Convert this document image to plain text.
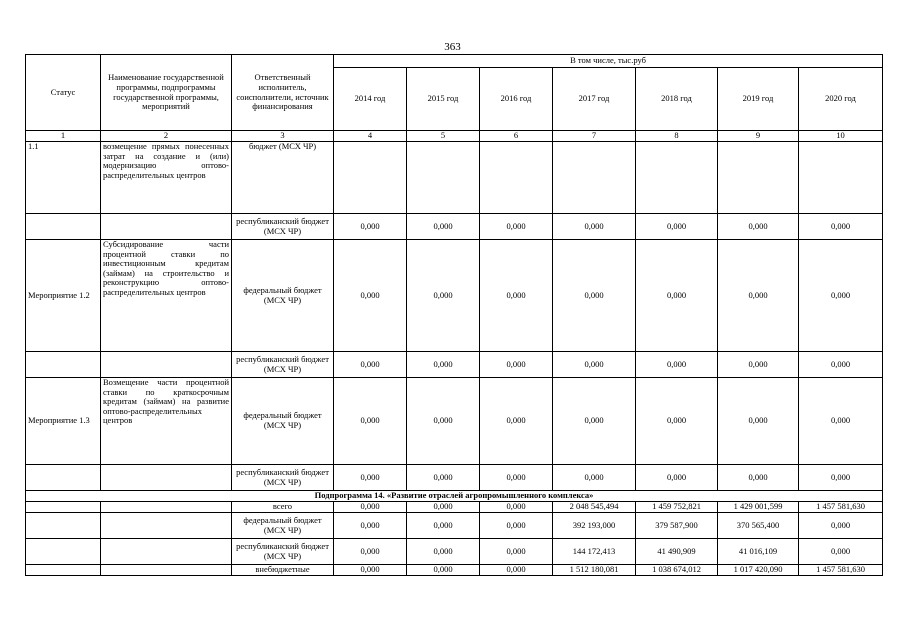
363
Статус	Наименование государственной программы, подпрограммы государственной программы, мероприятий	Ответственный исполнитель, соисполнители, источник финансирования	В том числе, тыс.руб						
			2014 год	2015 год	2016 год	2017 год	2018 год	2019 год	2020 год
1	2	3	4	5	6	7	8	9	10
1.1	возмещение прямых понесенных затрат на создание и (или) модернизацию оптово-распределительных центров	бюджет (МСХ ЧР)							
		республиканский бюджет (МСХ ЧР)	0,000	0,000	0,000	0,000	0,000	0,000	0,000
Мероприятие 1.2	Субсидирование части процентной ставки по инвестиционным кредитам (займам) на строительство и реконструкцию оптово-распределительных центров	федеральный бюджет (МСХ ЧР)	0,000	0,000	0,000	0,000	0,000	0,000	0,000
		республиканский бюджет (МСХ ЧР)	0,000	0,000	0,000	0,000	0,000	0,000	0,000
Мероприятие 1.3	Возмещение части процентной ставки по краткосрочным кредитам (займам) на развитие оптово-распределительных центров	федеральный бюджет (МСХ ЧР)	0,000	0,000	0,000	0,000	0,000	0,000	0,000
		республиканский бюджет (МСХ ЧР)	0,000	0,000	0,000	0,000	0,000	0,000	0,000
Подпрограмма 14. «Развитие отраслей агропромышленного комплекса»									
		всего	0,000	0,000	0,000	2 048 545,494	1 459 752,821	1 429 001,599	1 457 581,630
		федеральный бюджет (МСХ ЧР)	0,000	0,000	0,000	392 193,000	379 587,900	370 565,400	0,000
		республиканский бюджет (МСХ ЧР)	0,000	0,000	0,000	144 172,413	41 490,909	41 016,109	0,000
		внебюджетные	0,000	0,000	0,000	1 512 180,081	1 038 674,012	1 017 420,090	1 457 581,630
